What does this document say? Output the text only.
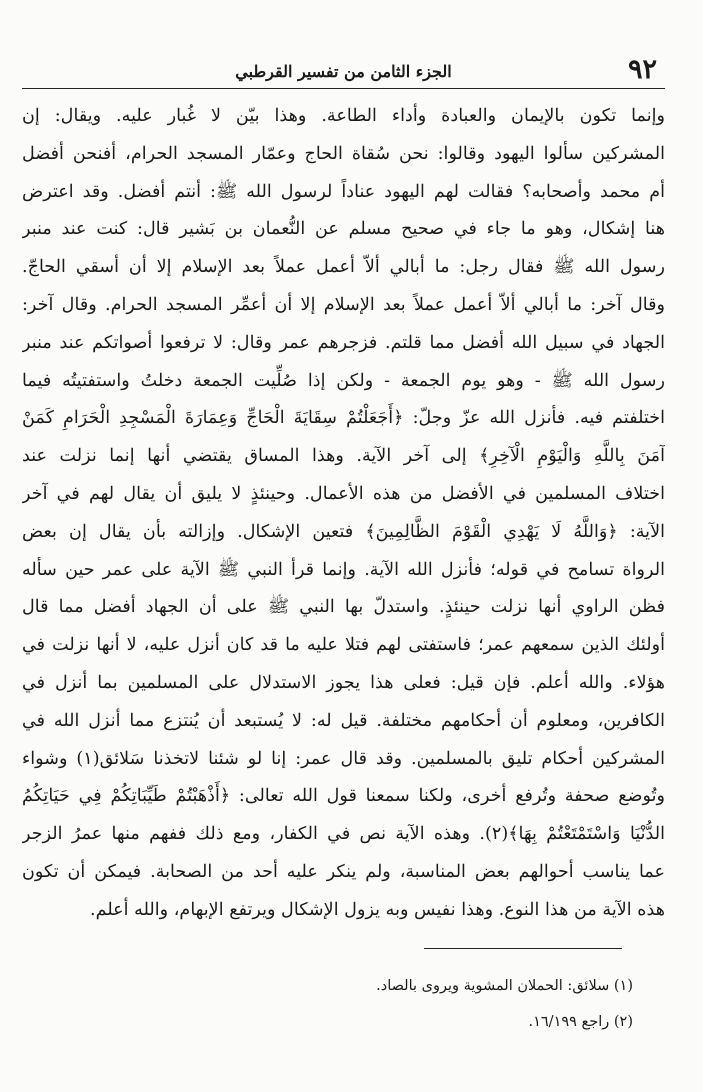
٩٢
الجزء الثامن من تفسير القرطبي
وإنما تكون بالإيمان والعبادة وأداء الطاعة. وهذا بيّن لا غُبار عليه. ويقال: إن
المشركين سألوا اليهود وقالوا: نحن سُقاة الحاج وعمّار المسجد الحرام، أفنحن أفضل
أم محمد وأصحابه؟ فقالت لهم اليهود عناداً لرسول الله ﷺ: أنتم أفضل. وقد اعترض
هنا إشكال، وهو ما جاء في صحيح مسلم عن النُّعمان بن بَشير قال: كنت عند منبر
رسول الله ﷺ فقال رجل: ما أبالي ألاّ أعمل عملاً بعد الإسلام إلا أن أسقي الحاجّ.
وقال آخر: ما أبالي ألاّ أعمل عملاً بعد الإسلام إلا أن أعمِّر المسجد الحرام. وقال آخر:
الجهاد في سبيل الله أفضل مما قلتم. فزجرهم عمر وقال: لا ترفعوا أصواتكم عند منبر
رسول الله ﷺ - وهو يوم الجمعة - ولكن إذا صُلِّيت الجمعة دخلتُ واستفتيتُه فيما
اختلفتم فيه. فأنزل الله عزّ وجلّ: ﴿أَجَعَلْتُمْ سِقَايَةَ الْحَاجِّ وَعِمَارَةَ الْمَسْجِدِ الْحَرَامِ كَمَنْ
آمَنَ بِاللَّهِ وَالْيَوْمِ الْآخِرِ﴾ إلى آخر الآية. وهذا المساق يقتضي أنها إنما نزلت عند
اختلاف المسلمين في الأفضل من هذه الأعمال. وحينئذٍ لا يليق أن يقال لهم في آخر
الآية: ﴿وَاللَّهُ لَا يَهْدِي الْقَوْمَ الظَّالِمِينَ﴾ فتعين الإشكال. وإزالته بأن يقال إن بعض
الرواة تسامح في قوله؛ فأنزل الله الآية. وإنما قرأ النبي ﷺ الآية على عمر حين سأله
فظن الراوي أنها نزلت حينئذٍ. واستدلّ بها النبي ﷺ على أن الجهاد أفضل مما قال
أولئك الذين سمعهم عمر؛ فاستفتى لهم فتلا عليه ما قد كان أنزل عليه، لا أنها نزلت في
هؤلاء. والله أعلم. فإن قيل: فعلى هذا يجوز الاستدلال على المسلمين بما أنزل في
الكافرين، ومعلوم أن أحكامهم مختلفة. قيل له: لا يُستبعد أن يُنتزع مما أنزل الله في
المشركين أحكام تليق بالمسلمين. وقد قال عمر: إنا لو شئنا لاتخذنا سَلائق(١) وشواء
وتُوضع صحفة وتُرفع أخرى، ولكنا سمعنا قول الله تعالى: ﴿أَذْهَبْتُمْ طَيِّبَاتِكُمْ فِي حَيَاتِكُمُ
الدُّنْيَا وَاسْتَمْتَعْتُمْ بِهَا﴾(٢). وهذه الآية نص في الكفار، ومع ذلك ففهم منها عمرُ الزجر
عما يناسب أحوالهم بعض المناسبة، ولم ينكر عليه أحد من الصحابة. فيمكن أن تكون
هذه الآية من هذا النوع. وهذا نفيس وبه يزول الإشكال ويرتفع الإبهام، والله أعلم.
(١) سلائق: الحملان المشوية ويروى بالصاد.
(٢) راجع ١٦/١٩٩.
